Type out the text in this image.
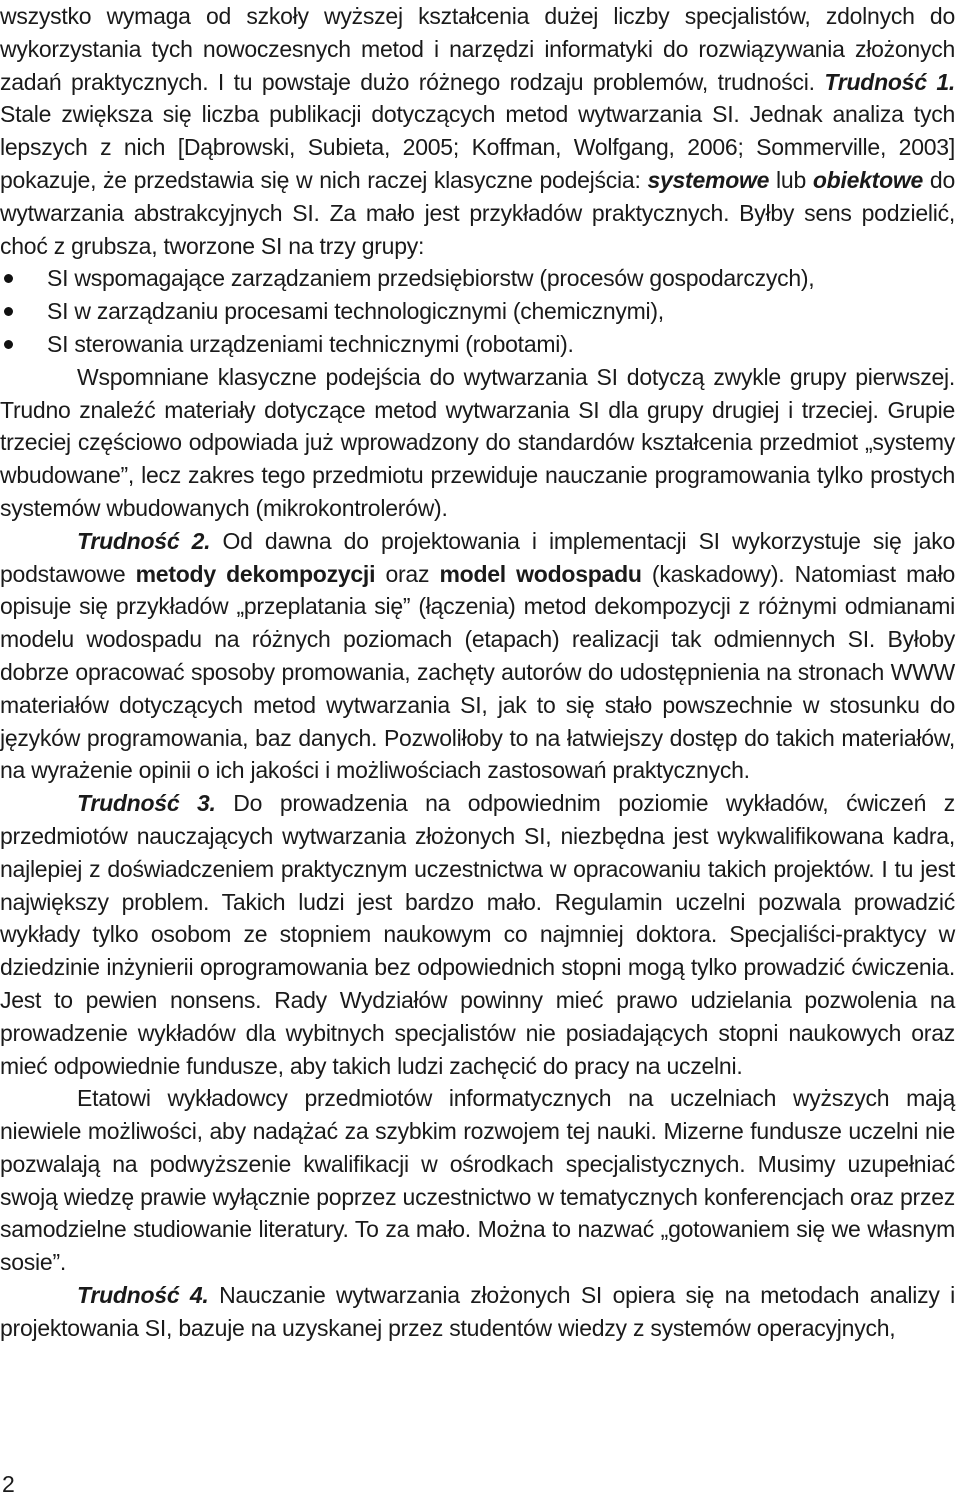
wszystko wymaga od szkoły wyższej kształcenia dużej liczby specjalistów, zdolnych do wykorzystania tych nowoczesnych metod i narzędzi informatyki do rozwiązywania złożonych zadań praktycznych. I tu powstaje dużo różnego rodzaju problemów, trudności. Trudność 1. Stale zwiększa się liczba publikacji dotyczących metod wytwarzania SI. Jednak analiza tych lepszych z nich [Dąbrowski, Subieta, 2005; Koffman, Wolfgang, 2006; Sommerville, 2003] pokazuje, że przedstawia się w nich raczej klasyczne podejścia: systemowe lub obiektowe do wytwarzania abstrakcyjnych SI. Za mało jest przykładów praktycznych. Byłby sens podzielić, choć z grubsza, tworzone SI na trzy grupy:

SI wspomagające zarządzaniem przedsiębiorstw (procesów gospodarczych),
SI w zarządzaniu procesami technologicznymi (chemicznymi),
SI sterowania urządzeniami technicznymi (robotami).

Wspomniane klasyczne podejścia do wytwarzania SI dotyczą zwykle grupy pierwszej. Trudno znaleźć materiały dotyczące metod wytwarzania SI dla grupy drugiej i trzeciej. Grupie trzeciej częściowo odpowiada już wprowadzony do standardów kształcenia przedmiot „systemy wbudowane”, lecz zakres tego przedmiotu przewiduje nauczanie programowania tylko prostych systemów wbudowanych (mikrokontrolerów).

Trudność 2. Od dawna do projektowania i implementacji SI wykorzystuje się jako podstawowe metody dekompozycji oraz model wodospadu (kaskadowy). Natomiast mało opisuje się przykładów „przeplatania się” (łączenia) metod dekompozycji z różnymi odmianami modelu wodospadu na różnych poziomach (etapach) realizacji tak odmiennych SI. Byłoby dobrze opracować sposoby promowania, zachęty autorów do udostępnienia na stronach WWW materiałów dotyczących metod wytwarzania SI, jak to się stało powszechnie w stosunku do języków programowania, baz danych. Pozwoliłoby to na łatwiejszy dostęp do takich materiałów, na wyrażenie opinii o ich jakości i możliwościach zastosowań praktycznych.

Trudność 3. Do prowadzenia na odpowiednim poziomie wykładów, ćwiczeń z przedmiotów nauczających wytwarzania złożonych SI, niezbędna jest wykwalifikowana kadra, najlepiej z doświadczeniem praktycznym uczestnictwa w opracowaniu takich projektów. I tu jest największy problem. Takich ludzi jest bardzo mało. Regulamin uczelni pozwala prowadzić wykłady tylko osobom ze stopniem naukowym co najmniej doktora. Specjaliści-praktycy w dziedzinie inżynierii oprogramowania bez odpowiednich stopni mogą tylko prowadzić ćwiczenia. Jest to pewien nonsens. Rady Wydziałów powinny mieć prawo udzielania pozwolenia na prowadzenie wykładów dla wybitnych specjalistów nie posiadających stopni naukowych oraz mieć odpowiednie fundusze, aby takich ludzi zachęcić do pracy na uczelni.

Etatowi wykładowcy przedmiotów informatycznych na uczelniach wyższych mają niewiele możliwości, aby nadążać za szybkim rozwojem tej nauki. Mizerne fundusze uczelni nie pozwalają na podwyższenie kwalifikacji w ośrodkach specjalistycznych. Musimy uzupełniać swoją wiedzę prawie wyłącznie poprzez uczestnictwo w tematycznych konferencjach oraz przez samodzielne studiowanie literatury. To za mało. Można to nazwać „gotowaniem się we własnym sosie”.

Trudność 4. Nauczanie wytwarzania złożonych SI opiera się na metodach analizy i projektowania SI, bazuje na uzyskanej przez studentów wiedzy z systemów operacyjnych,

2
